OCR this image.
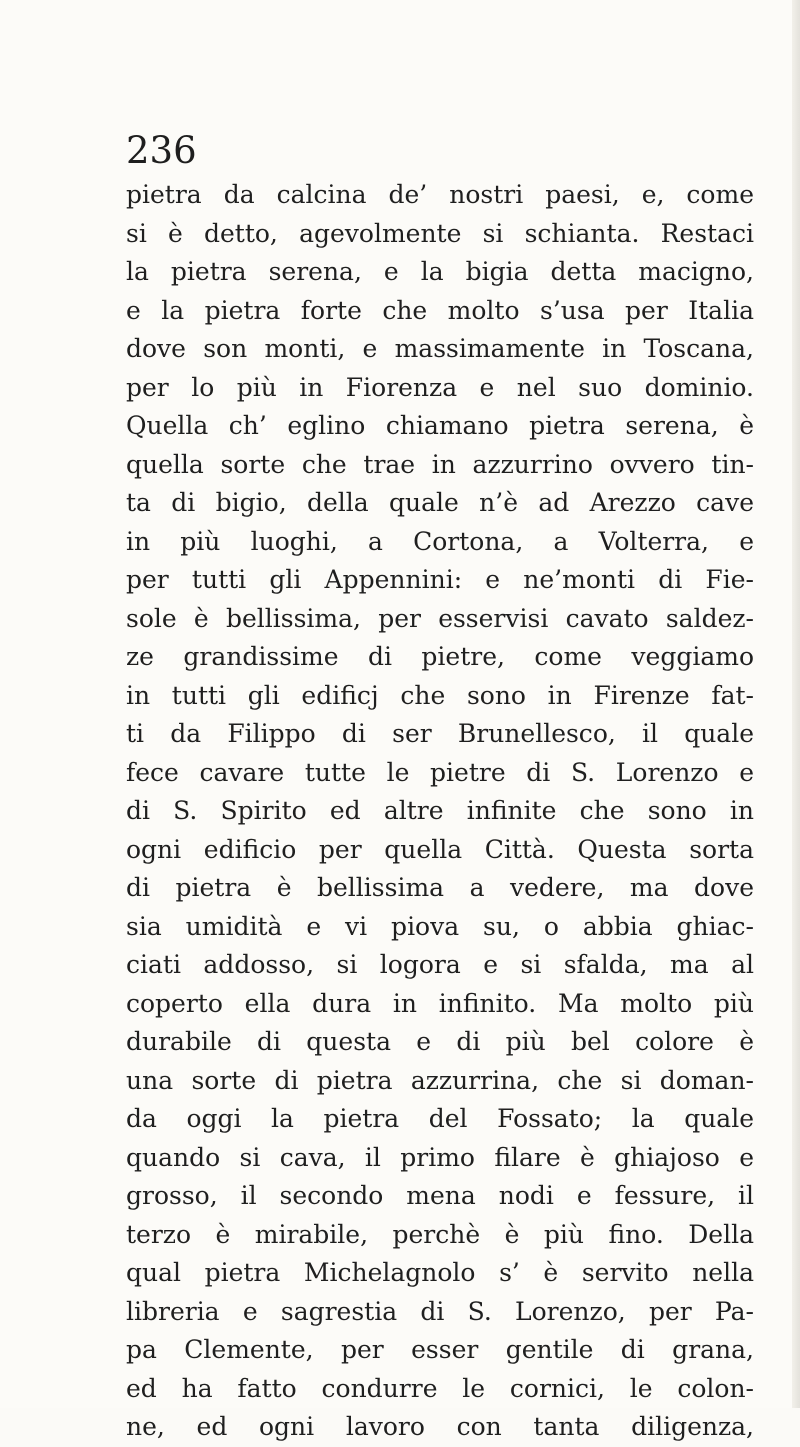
236
pietra da calcina de’ nostri paesi, e, come
si è detto, agevolmente si schianta. Restaci
la pietra serena, e la bigia detta macigno,
e la pietra forte che molto s’usa per Italia
dove son monti, e massimamente in Toscana,
per lo più in Fiorenza e nel suo dominio.
Quella ch’ eglino chiamano pietra serena, è
quella sorte che trae in azzurrino ovvero tin-
ta di bigio, della quale n’è ad Arezzo cave
in più luoghi, a Cortona, a Volterra, e
per tutti gli Appennini: e ne’monti di Fie-
sole è bellissima, per esservisi cavato saldez-
ze grandissime di pietre, come veggiamo
in tutti gli edificj che sono in Firenze fat-
ti da Filippo di ser Brunellesco, il quale
fece cavare tutte le pietre di S. Lorenzo e
di S. Spirito ed altre infinite che sono in
ogni edificio per quella Città. Questa sorta
di pietra è bellissima a vedere, ma dove
sia umidità e vi piova su, o abbia ghiac-
ciati addosso, si logora e si sfalda, ma al
coperto ella dura in infinito. Ma molto più
durabile di questa e di più bel colore è
una sorte di pietra azzurrina, che si doman-
da oggi la pietra del Fossato; la quale
quando si cava, il primo filare è ghiajoso e
grosso, il secondo mena nodi e fessure, il
terzo è mirabile, perchè è più fino. Della
qual pietra Michelagnolo s’ è servito nella
libreria e sagrestia di S. Lorenzo, per Pa-
pa Clemente, per esser gentile di grana,
ed ha fatto condurre le cornici, le colon-
ne, ed ogni lavoro con tanta diligenza,
